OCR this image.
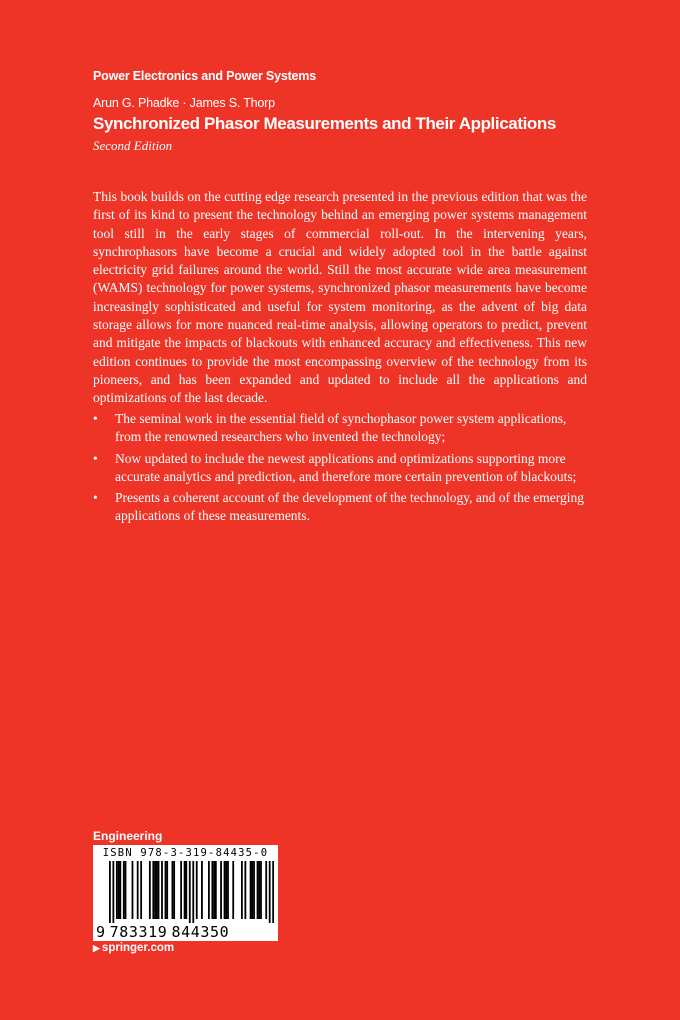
Power Electronics and Power Systems
Arun G. Phadke · James S. Thorp
Synchronized Phasor Measurements and Their Applications
Second Edition

This book builds on the cutting edge research presented in the previous edition that was the first of its kind to present the technology behind an emerging power systems management tool still in the early stages of commercial roll-out. In the intervening years, synchrophasors have become a crucial and widely adopted tool in the battle against electricity grid failures around the world. Still the most accurate wide area measurement (WAMS) technology for power systems, synchronized phasor measurements have become increasingly sophisticated and useful for system monitoring, as the advent of big data storage allows for more nuanced real-time analysis, allowing operators to predict, prevent and mitigate the impacts of blackouts with enhanced accuracy and effectiveness. This new edition continues to provide the most encompassing overview of the technology from its pioneers, and has been expanded and updated to include all the applications and optimizations of the last decade.

• The seminal work in the essential field of synchophasor power system applications, from the renowned researchers who invented the technology;
• Now updated to include the newest applications and optimizations supporting more accurate analytics and prediction, and therefore more certain prevention of blackouts;
• Presents a coherent account of the development of the technology, and of the emerging applications of these measurements.
Engineering
ISBN 978-3-319-84435-0
9 783319 844350
▶ springer.com
